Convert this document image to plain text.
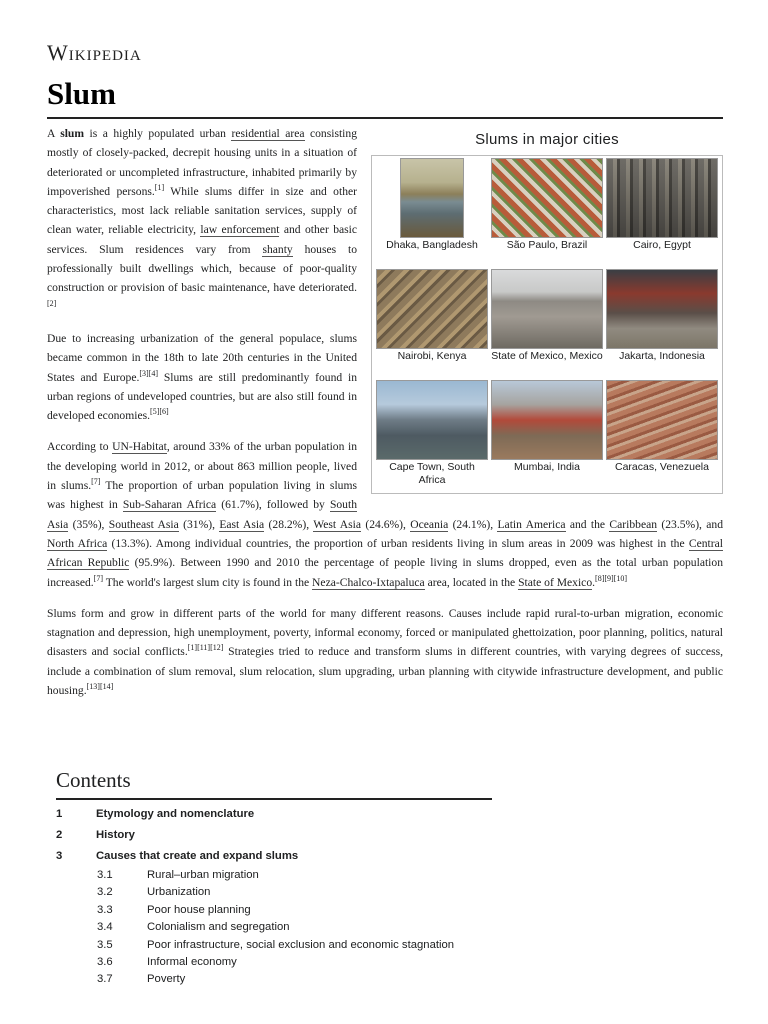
Wikipedia
Slum
Slums in major cities
Dhaka, Bangladesh	São Paulo, Brazil	Cairo, Egypt
Nairobi, Kenya	State of Mexico, Mexico	Jakarta, Indonesia
Cape Town, South Africa
Mumbai, India	Caracas, Venezuela

A slum is a highly populated urban residential area consisting mostly of closely-packed, decrepit housing units in a situation of deteriorated or uncompleted infrastructure, inhabited primarily by impoverished persons.[1] While slums differ in size and other characteristics, most lack reliable sanitation services, supply of clean water, reliable electricity, law enforcement and other basic services. Slum residences vary from shanty houses to professionally built dwellings which, because of poor-quality construction or provision of basic maintenance, have deteriorated.[2]

Due to increasing urbanization of the general populace, slums became common in the 18th to late 20th centuries in the United States and Europe.[3][4] Slums are still predominantly found in urban regions of undeveloped countries, but are also still found in developed economies.[5][6]

According to UN-Habitat, around 33% of the urban population in the developing world in 2012, or about 863 million people, lived in slums.[7] The proportion of urban population living in slums was highest in Sub-Saharan Africa (61.7%), followed by South Asia (35%), Southeast Asia (31%), East Asia (28.2%), West Asia (24.6%), Oceania (24.1%), Latin America and the Caribbean (23.5%), and North Africa (13.3%). Among individual countries, the proportion of urban residents living in slum areas in 2009 was highest in the Central African Republic (95.9%). Between 1990 and 2010 the percentage of people living in slums dropped, even as the total urban population increased.[7] The world's largest slum city is found in the Neza-Chalco-Ixtapaluca area, located in the State of Mexico.[8][9][10]

Slums form and grow in different parts of the world for many different reasons. Causes include rapid rural-to-urban migration, economic stagnation and depression, high unemployment, poverty, informal economy, forced or manipulated ghettoization, poor planning, politics, natural disasters and social conflicts.[1][11][12] Strategies tried to reduce and transform slums in different countries, with varying degrees of success, include a combination of slum removal, slum relocation, slum upgrading, urban planning with citywide infrastructure development, and public housing.[13][14]

Contents
1	Etymology and nomenclature
2	History
3	Causes that create and expand slums
3.1	Rural–urban migration
3.2	Urbanization
3.3	Poor house planning
3.4	Colonialism and segregation
3.5	Poor infrastructure, social exclusion and economic stagnation
3.6	Informal economy
3.7	Poverty
